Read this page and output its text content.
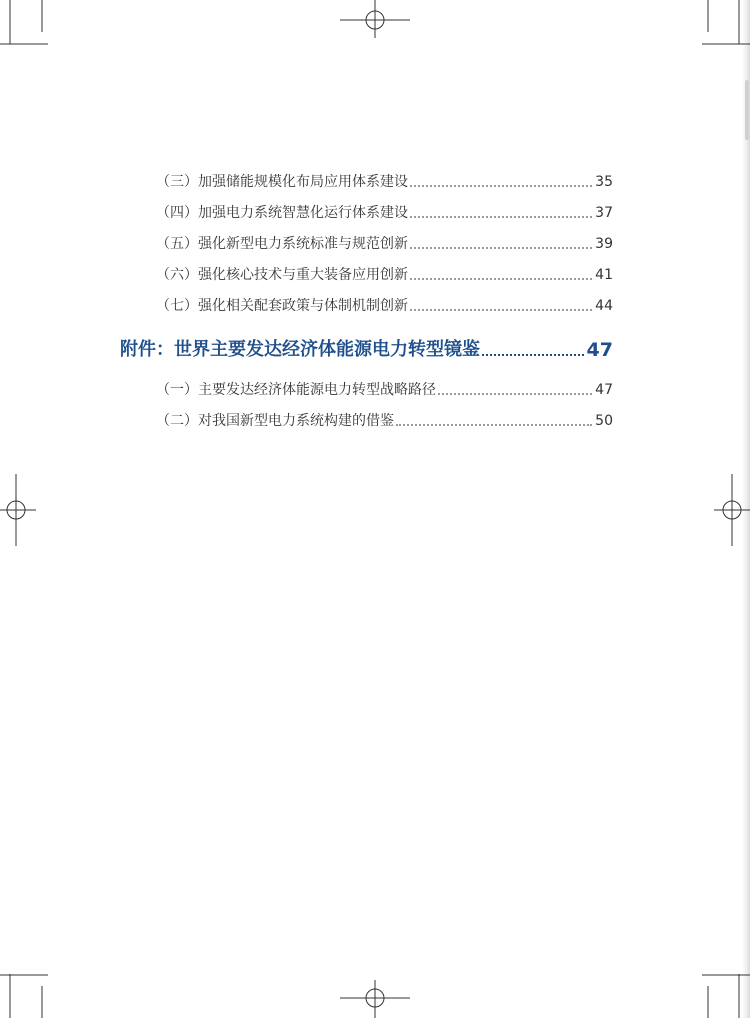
（三）加强储能规模化布局应用体系建设	35
（四）加强电力系统智慧化运行体系建设	37
（五）强化新型电力系统标准与规范创新	39
（六）强化核心技术与重大装备应用创新	41
（七）强化相关配套政策与体制机制创新	44
附件：世界主要发达经济体能源电力转型镜鉴	47
（一）主要发达经济体能源电力转型战略路径	47
（二）对我国新型电力系统构建的借鉴	50
